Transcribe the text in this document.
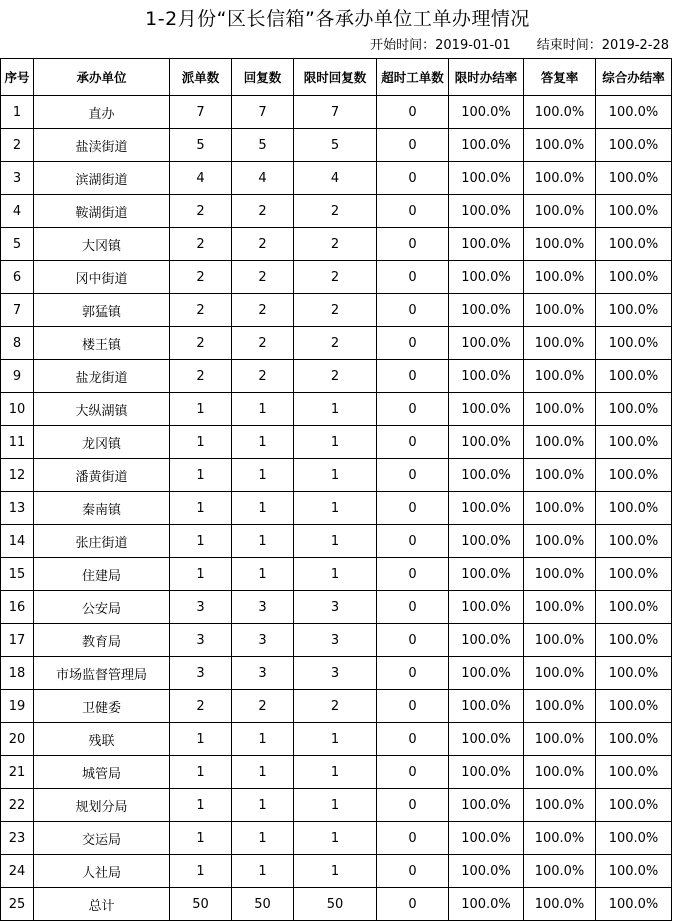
1-2月份“区长信箱”各承办单位工单办理情况
开始时间：2019-01-01 结束时间：2019-2-28
序号	承办单位	派单数	回复数	限时回复数	超时工单数	限时办结率	答复率	综合办结率
1	直办	7	7	7	0	100.0%	100.0%	100.0%
2	盐渎街道	5	5	5	0	100.0%	100.0%	100.0%
3	滨湖街道	4	4	4	0	100.0%	100.0%	100.0%
4	鞍湖街道	2	2	2	0	100.0%	100.0%	100.0%
5	大冈镇	2	2	2	0	100.0%	100.0%	100.0%
6	冈中街道	2	2	2	0	100.0%	100.0%	100.0%
7	郭猛镇	2	2	2	0	100.0%	100.0%	100.0%
8	楼王镇	2	2	2	0	100.0%	100.0%	100.0%
9	盐龙街道	2	2	2	0	100.0%	100.0%	100.0%
10	大纵湖镇	1	1	1	0	100.0%	100.0%	100.0%
11	龙冈镇	1	1	1	0	100.0%	100.0%	100.0%
12	潘黄街道	1	1	1	0	100.0%	100.0%	100.0%
13	秦南镇	1	1	1	0	100.0%	100.0%	100.0%
14	张庄街道	1	1	1	0	100.0%	100.0%	100.0%
15	住建局	1	1	1	0	100.0%	100.0%	100.0%
16	公安局	3	3	3	0	100.0%	100.0%	100.0%
17	教育局	3	3	3	0	100.0%	100.0%	100.0%
18	市场监督管理局	3	3	3	0	100.0%	100.0%	100.0%
19	卫健委	2	2	2	0	100.0%	100.0%	100.0%
20	残联	1	1	1	0	100.0%	100.0%	100.0%
21	城管局	1	1	1	0	100.0%	100.0%	100.0%
22	规划分局	1	1	1	0	100.0%	100.0%	100.0%
23	交运局	1	1	1	0	100.0%	100.0%	100.0%
24	人社局	1	1	1	0	100.0%	100.0%	100.0%
25	总计	50	50	50	0	100.0%	100.0%	100.0%
